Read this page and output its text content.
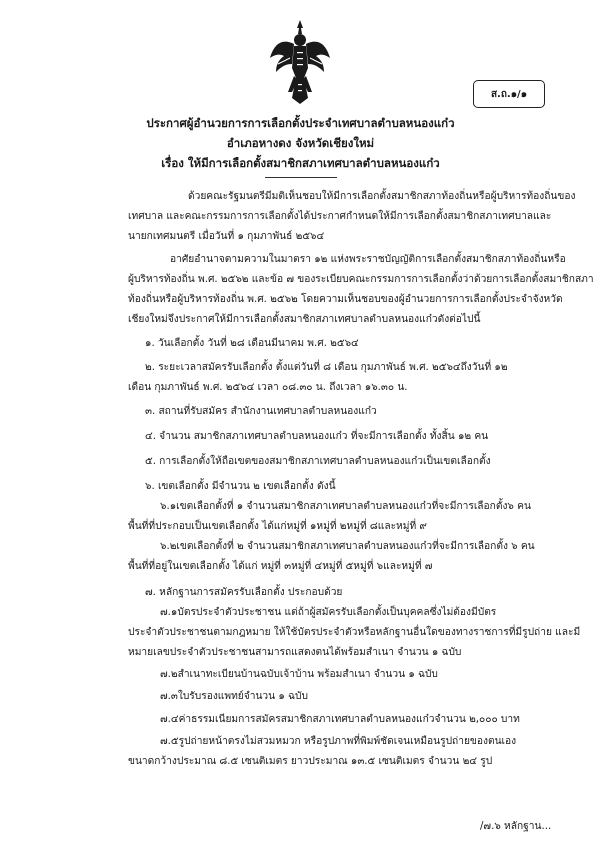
ส.ถ.๑/๑
ประกาศผู้อำนวยการการเลือกตั้งประจำเทศบาลตำบลหนองแก๋ว
อำเภอหางดง จังหวัดเชียงใหม่
เรื่อง ให้มีการเลือกตั้งสมาชิกสภาเทศบาลตำบลหนองแก๋ว
ด้วยคณะรัฐมนตรีมีมติเห็นชอบให้มีการเลือกตั้งสมาชิกสภาท้องถิ่นหรือผู้บริหารท้องถิ่นของ
เทศบาล และคณะกรรมการการเลือกตั้งได้ประกาศกำหนดให้มีการเลือกตั้งสมาชิกสภาเทศบาลและ
นายกเทศมนตรี เมื่อวันที่ ๑ กุมภาพันธ์ ๒๕๖๔
อาศัยอำนาจตามความในมาตรา ๑๒ แห่งพระราชบัญญัติการเลือกตั้งสมาชิกสภาท้องถิ่นหรือ
ผู้บริหารท้องถิ่น พ.ศ. ๒๕๖๒ และข้อ ๗ ของระเบียบคณะกรรมการการเลือกตั้งว่าด้วยการเลือกตั้งสมาชิกสภา
ท้องถิ่นหรือผู้บริหารท้องถิ่น พ.ศ. ๒๕๖๒ โดยความเห็นชอบของผู้อำนวยการการเลือกตั้งประจำจังหวัด
เชียงใหม่จึงประกาศให้มีการเลือกตั้งสมาชิกสภาเทศบาลตำบลหนองแก๋วดังต่อไปนี้
๑. วันเลือกตั้ง วันที่ ๒๘ เดือนมีนาคม พ.ศ. ๒๕๖๔
๒. ระยะเวลาสมัครรับเลือกตั้ง ตั้งแต่วันที่ ๘ เดือน กุมภาพันธ์ พ.ศ. ๒๕๖๔ถึงวันที่ ๑๒
เดือน กุมภาพันธ์ พ.ศ. ๒๕๖๔ เวลา ๐๘.๓๐ น. ถึงเวลา ๑๖.๓๐ น.
๓. สถานที่รับสมัคร สำนักงานเทศบาลตำบลหนองแก๋ว
๔. จำนวน สมาชิกสภาเทศบาลตำบลหนองแก๋ว ที่จะมีการเลือกตั้ง ทั้งสิ้น ๑๒ คน
๕. การเลือกตั้งให้ถือเขตของสมาชิกสภาเทศบาลตำบลหนองแก๋วเป็นเขตเลือกตั้ง
๖. เขตเลือกตั้ง มีจำนวน ๒ เขตเลือกตั้ง ดังนี้
๖.๑เขตเลือกตั้งที่ ๑ จำนวนสมาชิกสภาเทศบาลตำบลหนองแก๋วที่จะมีการเลือกตั้ง๖ คน
พื้นที่ที่ประกอบเป็นเขตเลือกตั้ง ได้แก่หมู่ที่ ๑หมู่ที่ ๒หมู่ที่ ๘และหมู่ที่ ๙
๖.๒เขตเลือกตั้งที่ ๒ จำนวนสมาชิกสภาเทศบาลตำบลหนองแก๋วที่จะมีการเลือกตั้ง ๖ คน
พื้นที่ที่อยู่ในเขตเลือกตั้ง ได้แก่ หมู่ที่ ๓หมู่ที่ ๔หมู่ที่ ๕หมู่ที่ ๖และหมู่ที่ ๗
๗. หลักฐานการสมัครรับเลือกตั้ง ประกอบด้วย
๗.๑บัตรประจำตัวประชาชน แต่ถ้าผู้สมัครรับเลือกตั้งเป็นบุคคลซึ่งไม่ต้องมีบัตร
ประจำตัวประชาชนตามกฎหมาย ให้ใช้บัตรประจำตัวหรือหลักฐานอื่นใดของทางราชการที่มีรูปถ่าย และมี
หมายเลขประจำตัวประชาชนสามารถแสดงตนได้พร้อมสำเนา จำนวน ๑ ฉบับ
๗.๒สำเนาทะเบียนบ้านฉบับเจ้าบ้าน พร้อมสำเนา จำนวน ๑ ฉบับ
๗.๓ใบรับรองแพทย์จำนวน ๑ ฉบับ
๗.๔ค่าธรรมเนียมการสมัครสมาชิกสภาเทศบาลตำบลหนองแก๋วจำนวน ๒,๐๐๐ บาท
๗.๕รูปถ่ายหน้าตรงไม่สวมหมวก หรือรูปภาพที่พิมพ์ชัดเจนเหมือนรูปถ่ายของตนเอง
ขนาดกว้างประมาณ ๘.๕ เซนติเมตร ยาวประมาณ ๑๓.๕ เซนติเมตร จำนวน ๒๔ รูป
/๗.๖ หลักฐาน...
